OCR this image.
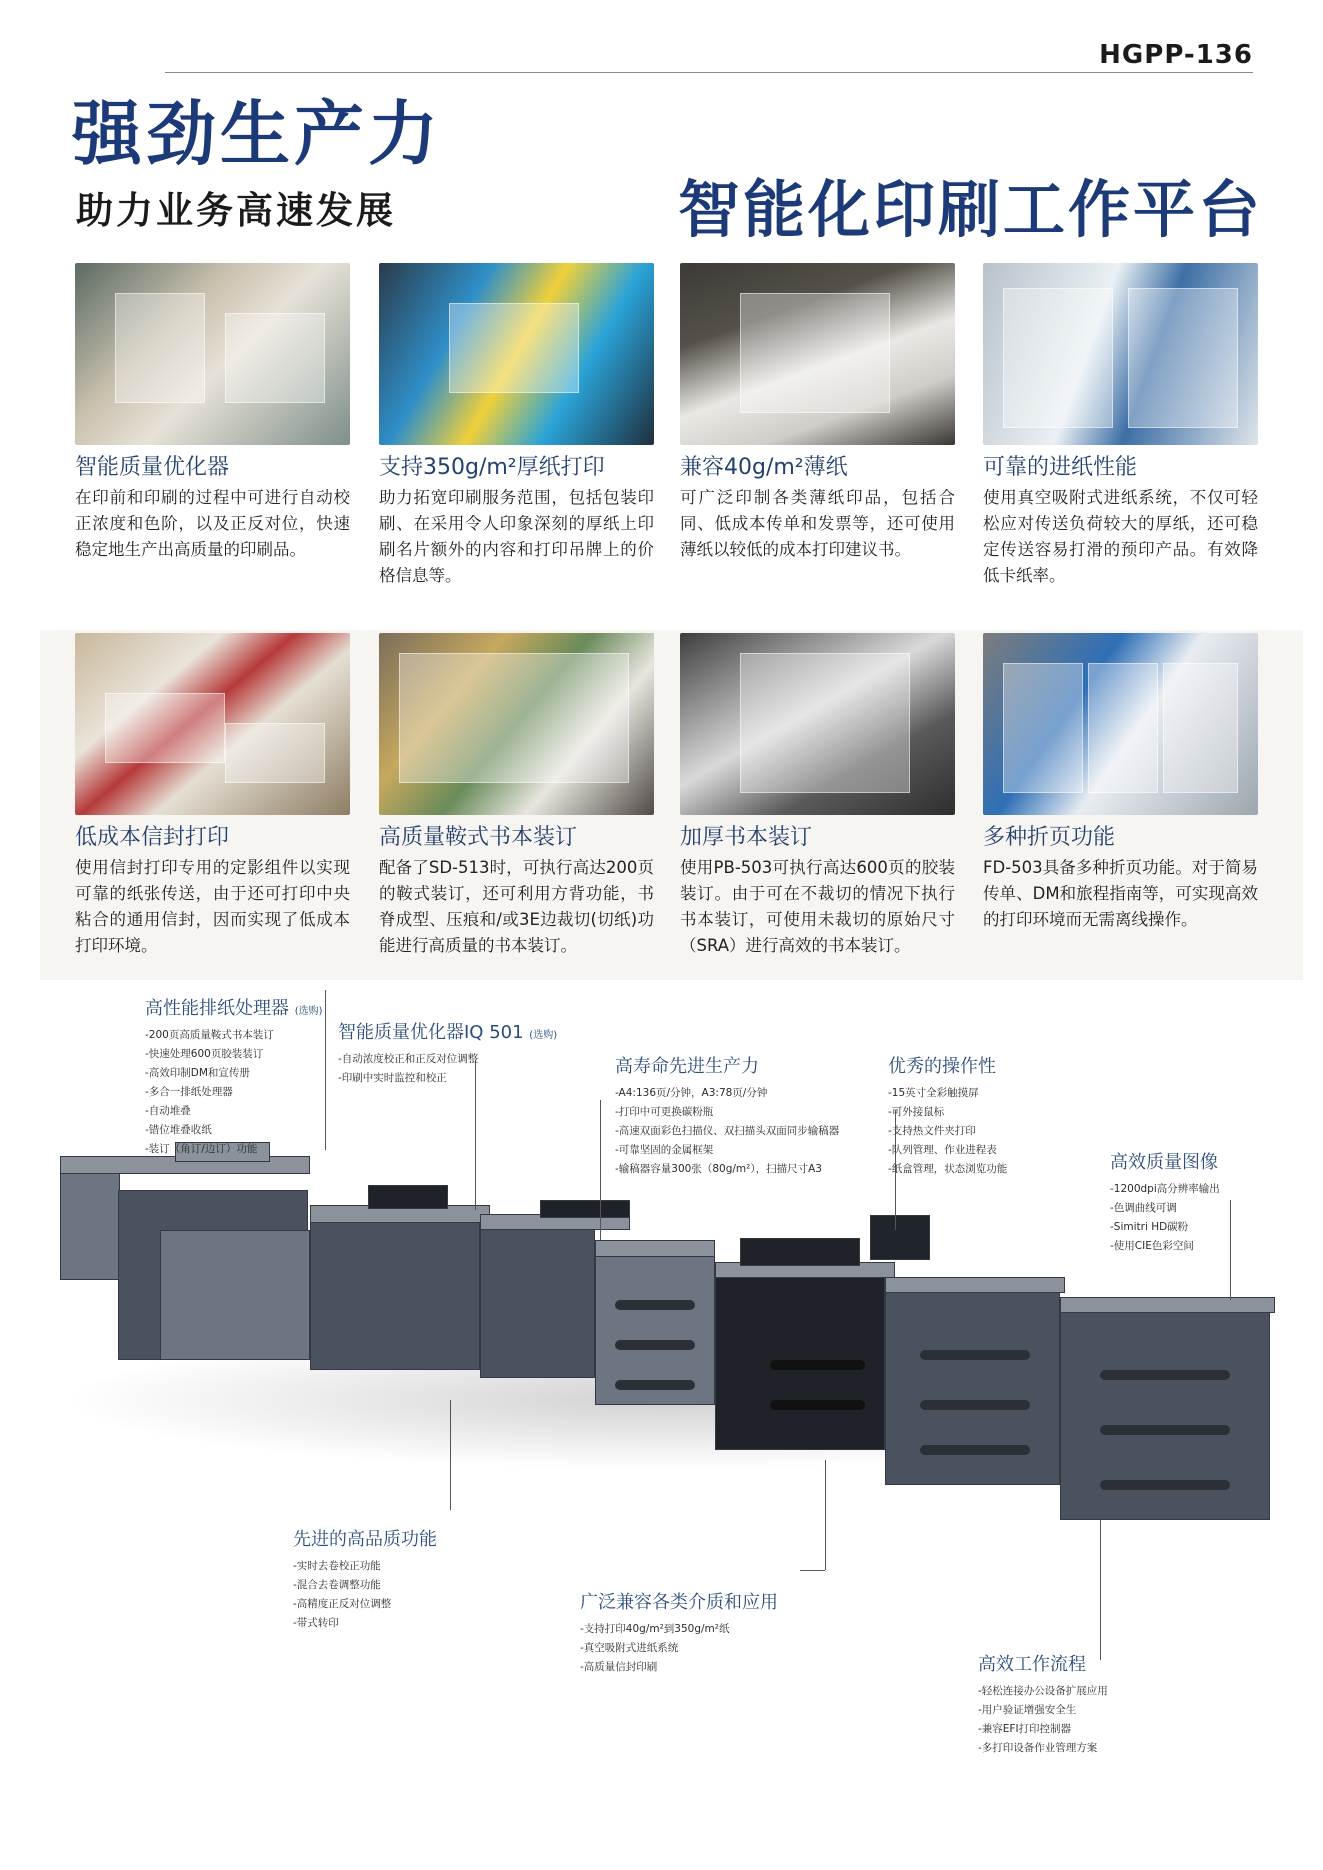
HGPP-136
强劲生产力
助力业务高速发展	智能化印刷工作平台
智能质量优化器

在印前和印刷的过程中可进行自动校正浓度和色阶，以及正反对位，快速稳定地生产出高质量的印刷品。

支持350g/m²厚纸打印

助力拓宽印刷服务范围，包括包装印刷、在采用令人印象深刻的厚纸上印刷名片额外的内容和打印吊牌上的价格信息等。

兼容40g/m²薄纸

可广泛印制各类薄纸印品，包括合同、低成本传单和发票等，还可使用薄纸以较低的成本打印建议书。

可靠的进纸性能

使用真空吸附式进纸系统，不仅可轻松应对传送负荷较大的厚纸，还可稳定传送容易打滑的预印产品。有效降低卡纸率。

低成本信封打印

使用信封打印专用的定影组件以实现可靠的纸张传送，由于还可打印中央粘合的通用信封，因而实现了低成本打印环境。

高质量鞍式书本装订

配备了SD-513时，可执行高达200页的鞍式装订，还可利用方背功能，书脊成型、压痕和/或3E边裁切(切纸)功能进行高质量的书本装订。

加厚书本装订

使用PB-503可执行高达600页的胶装装订。由于可在不裁切的情况下执行书本装订，可使用未裁切的原始尺寸（SRA）进行高效的书本装订。

多种折页功能

FD-503具备多种折页功能。对于简易传单、DM和旅程指南等，可实现高效的打印环境而无需离线操作。

高性能排纸处理器 (选购)
-200页高质量鞍式书本装订
-快速处理600页胶装装订
-高效印制DM和宣传册
-多合一排纸处理器
-自动堆叠
-错位堆叠收纸
-装订（角订/边订）功能
智能质量优化器IQ 501 (选购)
-自动浓度校正和正反对位调整
-印刷中实时监控和校正
高寿命先进生产力
-A4:136页/分钟，A3:78页/分钟
-打印中可更换碳粉瓶
-高速双面彩色扫描仪、双扫描头双面同步输稿器
-可靠坚固的金属框架
-输稿器容量300张（80g/m²），扫描尺寸A3
优秀的操作性
-15英寸全彩触摸屏
-可外接鼠标
-支持热文件夹打印
-队列管理、作业进程表
-纸盒管理，状态浏览功能	高效质量图像
-1200dpi高分辨率输出
-色调曲线可调
-Simitri HD碳粉
-使用CIE色彩空间
先进的高品质功能
-实时去卷校正功能
-混合去卷调整功能
-高精度正反对位调整
-带式转印
广泛兼容各类介质和应用
-支持打印40g/m²到350g/m²纸
-真空吸附式进纸系统
-高质量信封印刷	高效工作流程
-轻松连接办公设备扩展应用
-用户验证增强安全生
-兼容EFI打印控制器
-多打印设备作业管理方案
